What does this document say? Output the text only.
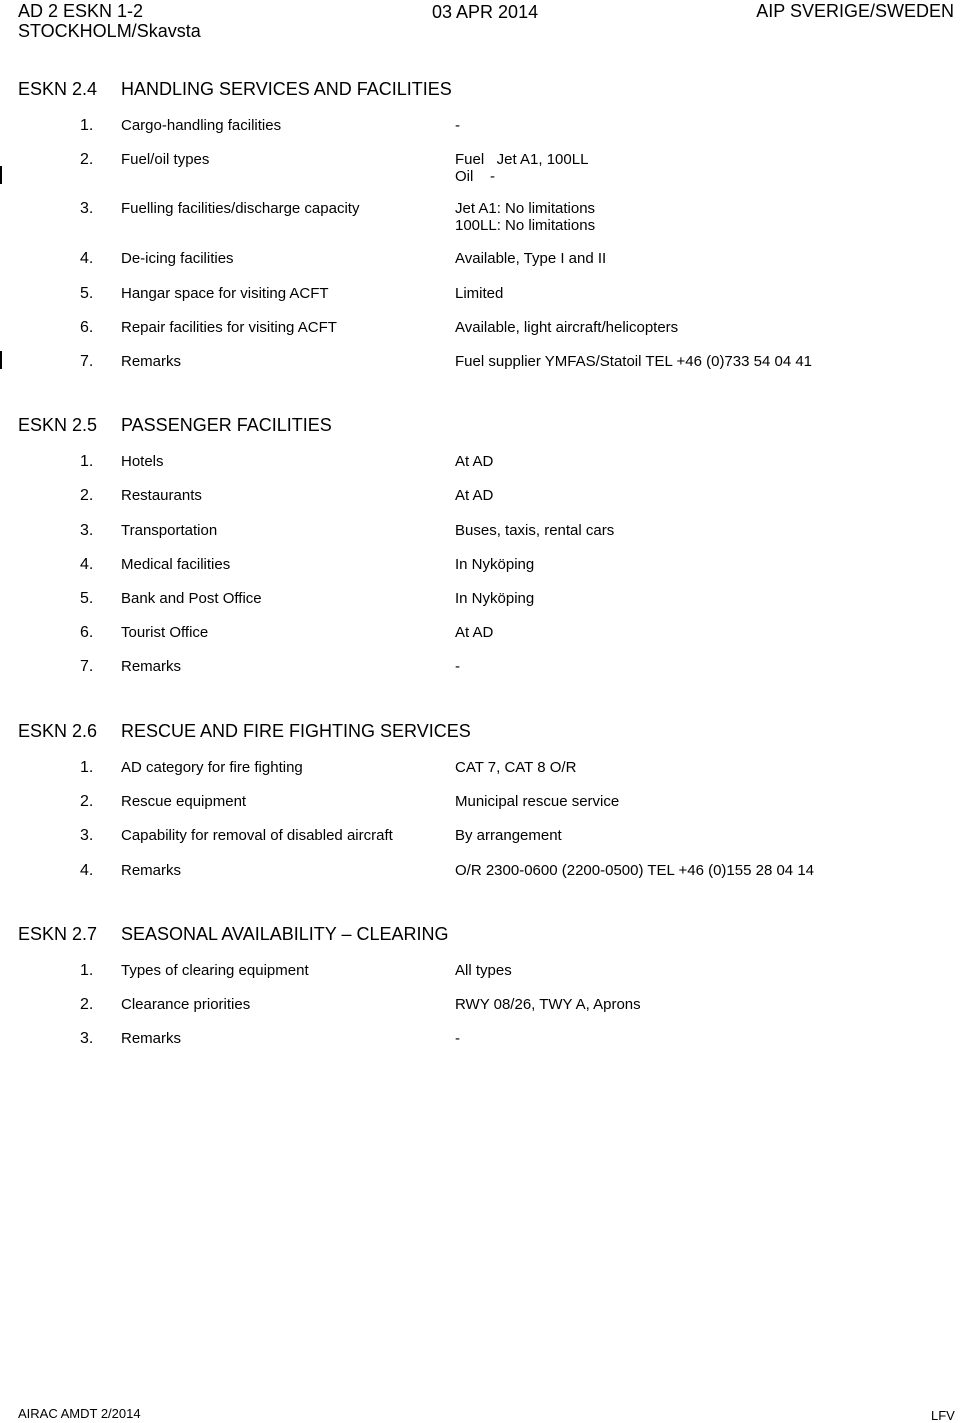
AD 2 ESKN 1-2
STOCKHOLM/Skavsta
03 APR 2014	AIP SVERIGE/SWEDEN
ESKN 2.4 HANDLING SERVICES AND FACILITIES
1. Cargo-handling facilities	-
2. Fuel/oil types	Fuel   Jet A1, 100LL
Oil    -
3. Fuelling facilities/discharge capacity	Jet A1: No limitations
100LL: No limitations
4. De-icing facilities	Available, Type I and II
5. Hangar space for visiting ACFT	Limited
6. Repair facilities for visiting ACFT	Available, light aircraft/helicopters
7. Remarks	Fuel supplier YMFAS/Statoil TEL +46 (0)733 54 04 41
ESKN 2.5 PASSENGER FACILITIES
1. Hotels	At AD
2. Restaurants	At AD
3. Transportation	Buses, taxis, rental cars
4. Medical facilities	In Nyköping
5. Bank and Post Office	In Nyköping
6. Tourist Office	At AD
7. Remarks	-
ESKN 2.6 RESCUE AND FIRE FIGHTING SERVICES
1. AD category for fire fighting	CAT 7, CAT 8 O/R
2. Rescue equipment	Municipal rescue service
3. Capability for removal of disabled aircraft	By arrangement
4. Remarks	O/R 2300-0600 (2200-0500) TEL +46 (0)155 28 04 14
ESKN 2.7 SEASONAL AVAILABILITY – CLEARING
1. Types of clearing equipment	All types
2. Clearance priorities	RWY 08/26, TWY A, Aprons
3. Remarks	-
AIRAC AMDT 2/2014	LFV
